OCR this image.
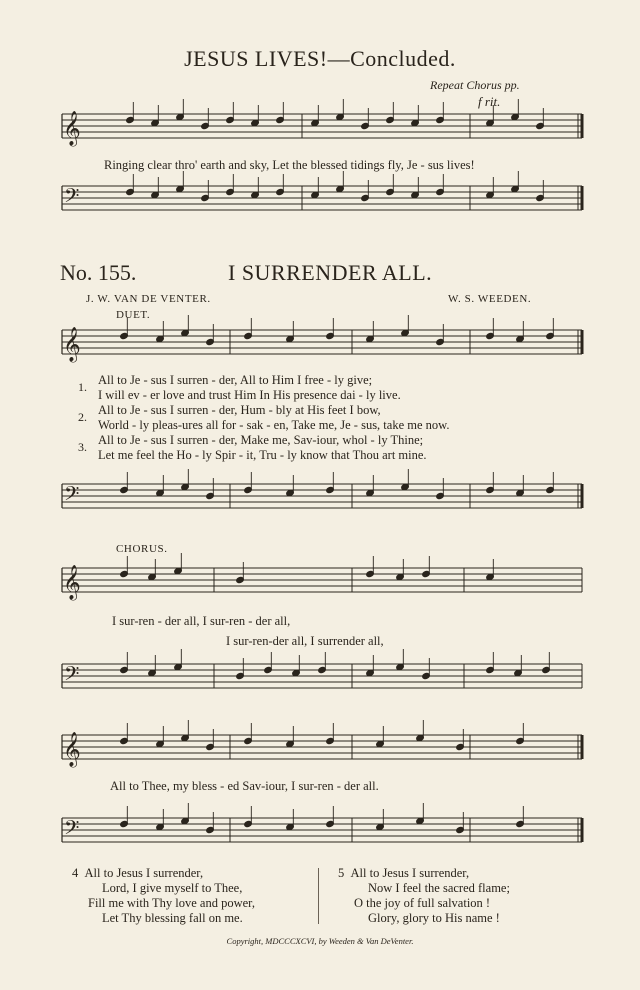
JESUS LIVES!—Concluded.
Repeat Chorus pp.
f rit.
𝄞
𝄢
𝄞
𝄢
𝄞
𝄢
𝄞
𝄢
Ringing clear thro' earth and sky, Let the blessed tidings fly, Je - sus lives!
No. 155.	I SURRENDER ALL.
J. W. VAN DE VENTER.	W. S. WEEDEN.
DUET.
1. All to Je - sus I surren - der, All to Him I free - ly give;
I will ev - er love and trust Him In His presence dai - ly live.
2. All to Je - sus I surren - der, Hum - bly at His feet I bow,
World - ly pleas-ures all for - sak - en, Take me, Je - sus, take me now.
3. All to Je - sus I surren - der, Make me, Sav-iour, whol - ly Thine;
Let me feel the Ho - ly Spir - it, Tru - ly know that Thou art mine.
CHORUS.
I sur-ren - der all, I sur-ren - der all,
I sur-ren-der all, I surrender all,
All to Thee, my bless - ed Sav-iour, I sur-ren - der all.
4 All to Jesus I surrender,
Lord, I give myself to Thee,
Fill me with Thy love and power,
Let Thy blessing fall on me.
5 All to Jesus I surrender,
Now I feel the sacred flame;
O the joy of full salvation !
Glory, glory to His name !
Copyright, MDCCCXCVI, by Weeden & Van DeVenter.
